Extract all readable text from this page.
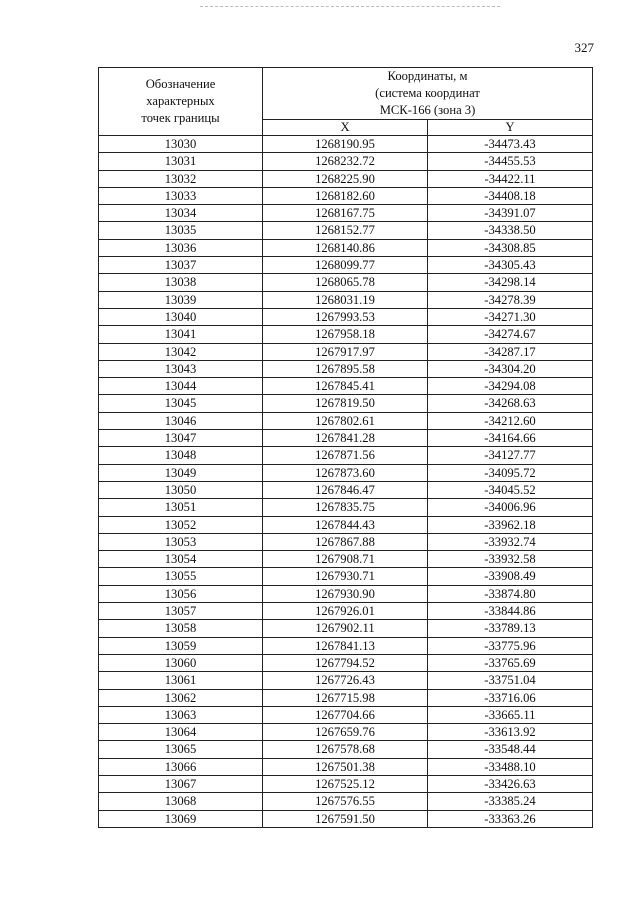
327
Обозначение
характерных
точек границы	Координаты, м
(система координат
МСК-166 (зона 3)	

	X	Y
13030	1268190.95	-34473.43
13031	1268232.72	-34455.53
13032	1268225.90	-34422.11
13033	1268182.60	-34408.18
13034	1268167.75	-34391.07
13035	1268152.77	-34338.50
13036	1268140.86	-34308.85
13037	1268099.77	-34305.43
13038	1268065.78	-34298.14
13039	1268031.19	-34278.39
13040	1267993.53	-34271.30
13041	1267958.18	-34274.67
13042	1267917.97	-34287.17
13043	1267895.58	-34304.20
13044	1267845.41	-34294.08
13045	1267819.50	-34268.63
13046	1267802.61	-34212.60
13047	1267841.28	-34164.66
13048	1267871.56	-34127.77
13049	1267873.60	-34095.72
13050	1267846.47	-34045.52
13051	1267835.75	-34006.96
13052	1267844.43	-33962.18
13053	1267867.88	-33932.74
13054	1267908.71	-33932.58
13055	1267930.71	-33908.49
13056	1267930.90	-33874.80
13057	1267926.01	-33844.86
13058	1267902.11	-33789.13
13059	1267841.13	-33775.96
13060	1267794.52	-33765.69
13061	1267726.43	-33751.04
13062	1267715.98	-33716.06
13063	1267704.66	-33665.11
13064	1267659.76	-33613.92
13065	1267578.68	-33548.44
13066	1267501.38	-33488.10
13067	1267525.12	-33426.63
13068	1267576.55	-33385.24
13069	1267591.50	-33363.26
